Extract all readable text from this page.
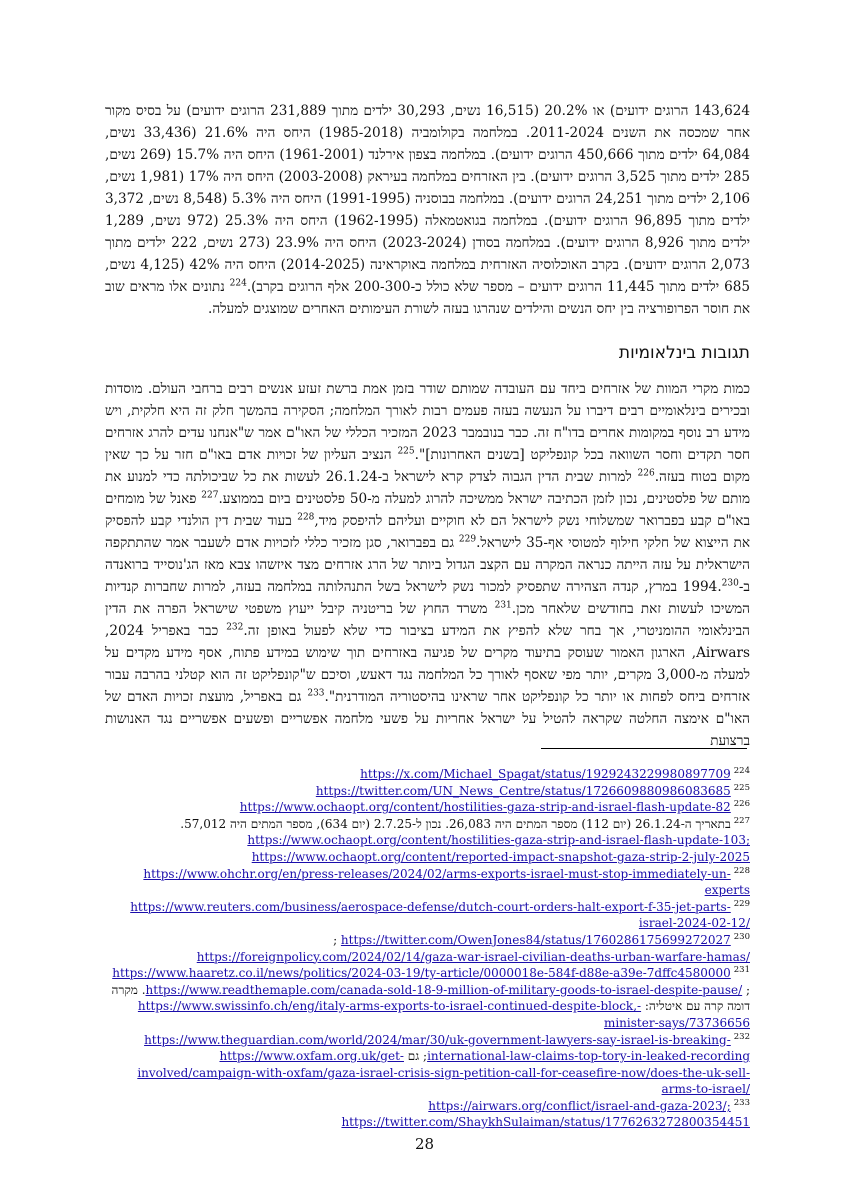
143,624 הרוגים ידועים) או 20.2% (16,515 נשים, 30,293 ילדים מתוך 231,889 הרוגים ידועים) על בסיס מקור אחר שמכסה את השנים 2011-2024. במלחמה בקולומביה (1985-2018) היחס היה 21.6% (33,436 נשים, 64,084 ילדים מתוך 450,666 הרוגים ידועים). במלחמה בצפון אירלנד (1961-2001) היחס היה 15.7% (269 נשים, 285 ילדים מתוך 3,525 הרוגים ידועים). בין האזרחים במלחמה בעיראק (2003-2008) היחס היה 17% (1,981 נשים, 2,106 ילדים מתוך 24,251 הרוגים ידועים). במלחמה בבוסניה (1991-1995) היחס היה 5.3% (8,548 נשים, 3,372 ילדים מתוך 96,895 הרוגים ידועים). במלחמה בגואטמאלה (1962-1995) היחס היה 25.3% (972 נשים, 1,289 ילדים מתוך 8,926 הרוגים ידועים). במלחמה בסודן (2023-2024) היחס היה 23.9% (273 נשים, 222 ילדים מתוך 2,073 הרוגים ידועים). בקרב האוכלוסיה האזרחית במלחמה באוקראינה (2014-2025) היחס היה 42% (4,125 נשים, 685 ילדים מתוך 11,445 הרוגים ידועים – מספר שלא כולל כ-200-300 אלף הרוגים בקרב).$^{224}$ נתונים אלו מראים שוב את חוסר הפרופורציה בין יחס הנשים והילדים שנהרגו בעזה לשורת העימותים האחרים שמוצגים למעלה.

תגובות בינלאומיות

כמות מקרי המוות של אזרחים ביחד עם העובדה שמותם שודר בזמן אמת ברשת זעזע אנשים רבים ברחבי העולם. מוסדות ובכירים בינלאומיים רבים דיברו על הנעשה בעזה פעמים רבות לאורך המלחמה; הסקירה בהמשך חלק זה היא חלקית, ויש מידע רב נוסף במקומות אחרים בדו"ח זה. כבר בנובמבר 2023 המזכיר הכללי של האו"ם אמר ש"אנחנו עדים להרג אזרחים חסר תקדים וחסר השוואה בכל קונפליקט [בשנים האחרונות]".$^{225}$ הנציב העליון של זכויות אדם באו"ם חזר על כך שאין מקום בטוח בעזה.$^{226}$ למרות שבית הדין הגבוה לצדק קרא לישראל ב-26.1.24 לעשות את כל שביכולתה כדי למנוע את מותם של פלסטינים, נכון לזמן הכתיבה ישראל ממשיכה להרוג למעלה מ-50 פלסטינים ביום בממוצע.$^{227}$ פאנל של מומחים באו"ם קבע בפברואר שמשלוחי נשק לישראל הם לא חוקיים ועליהם להיפסק מיד,$^{228}$ בעוד שבית דין הולנדי קבע להפסיק את הייצוא של חלקי חילוף למטוסי אף-35 לישראל.$^{229}$ גם בפברואר, סגן מזכיר כללי לזכויות אדם לשעבר אמר שהתתקפה הישראלית על עזה הייתה כנראה המקרה עם הקצב הגדול ביותר של הרג אזרחים מצד איזשהו צבא מאז הג'נוסייד ברואנדה ב-1994.$^{230}$ במרץ, קנדה הצהירה שתפסיק למכור נשק לישראל בשל התנהלותה במלחמה בעזה, למרות שחברות קנדיות המשיכו לעשות זאת בחודשים שלאחר מכן.$^{231}$ משרד החוץ של בריטניה קיבל ייעוץ משפטי שישראל הפרה את הדין הבינלאומי ההומניטרי, אך בחר שלא להפיץ את המידע בציבור כדי שלא לפעול באופן זה.$^{232}$ כבר באפריל 2024, Airwars, הארגון האמור שעוסק בתיעוד מקרים של פגיעה באזרחים תוך שימוש במידע פתוח, אסף מידע מקדים על למעלה מ-3,000 מקרים, יותר מפי שאסף לאורך כל המלחמה נגד דאעש, וסיכם ש"קונפליקט זה הוא קטלני בהרבה עבור אזרחים ביחס לפחות או יותר כל קונפליקט אחר שראינו בהיסטוריה המודרנית".$^{233}$ גם באפריל, מועצת זכויות האדם של האו"ם אימצה החלטה שקראה להטיל על ישראל אחריות על פשעי מלחמה אפשריים ופשעים אפשריים נגד האנושות ברצועת

$^{224}$https://x.com/Michael_Spagat/status/1929243229980897709

$^{225}$https://twitter.com/UN_News_Centre/status/1726609880986083685

$^{226}$https://www.ochaopt.org/content/hostilities-gaza-strip-and-israel-flash-update-82

$^{227}$בתאריך ה-26.1.24 (יום 112) מספר המתים היה 26,083. נכון ל-2.7.25 (יום 634), מספר המתים היה 57,012.
https://www.ochaopt.org/content/hostilities-gaza-strip-and-israel-flash-update-103;
https://www.ochaopt.org/content/reported-impact-snapshot-gaza-strip-2-july-2025

$^{228}$https://www.ohchr.org/en/press-releases/2024/02/arms-exports-israel-must-stop-immediately-un-experts

$^{229}$https://www.reuters.com/business/aerospace-defense/dutch-court-orders-halt-export-f-35-jet-parts-israel-2024-02-12/

$^{230}$https://twitter.com/OwenJones84/status/1760286175699272027 ; https://foreignpolicy.com/2024/02/14/gaza-war-israel-civilian-deaths-urban-warfare-hamas/

$^{231}$https://www.haaretz.co.il/news/politics/2024-03-19/ty-article/0000018e-584f-d88e-a39e-7dffc4580000 ; https://www.readthemaple.com/canada-sold-18-9-million-of-military-goods-to-israel-despite-pause/. מקרה דומה קרה עם איטליה: https://www.swissinfo.ch/eng/italy-arms-exports-to-israel-continued-despite-block,-minister-says/73736656

$^{232}$https://www.theguardian.com/world/2024/mar/30/uk-government-lawyers-say-israel-is-breaking-international-law-claims-top-tory-in-leaked-recording; גם https://www.oxfam.org.uk/get-involved/campaign-with-oxfam/gaza-israel-crisis-sign-petition-call-for-ceasefire-now/does-the-uk-sell-arms-to-israel/

$^{233}$https://airwars.org/conflict/israel-and-gaza-2023/;
https://twitter.com/ShaykhSulaiman/status/1776263272800354451

28
